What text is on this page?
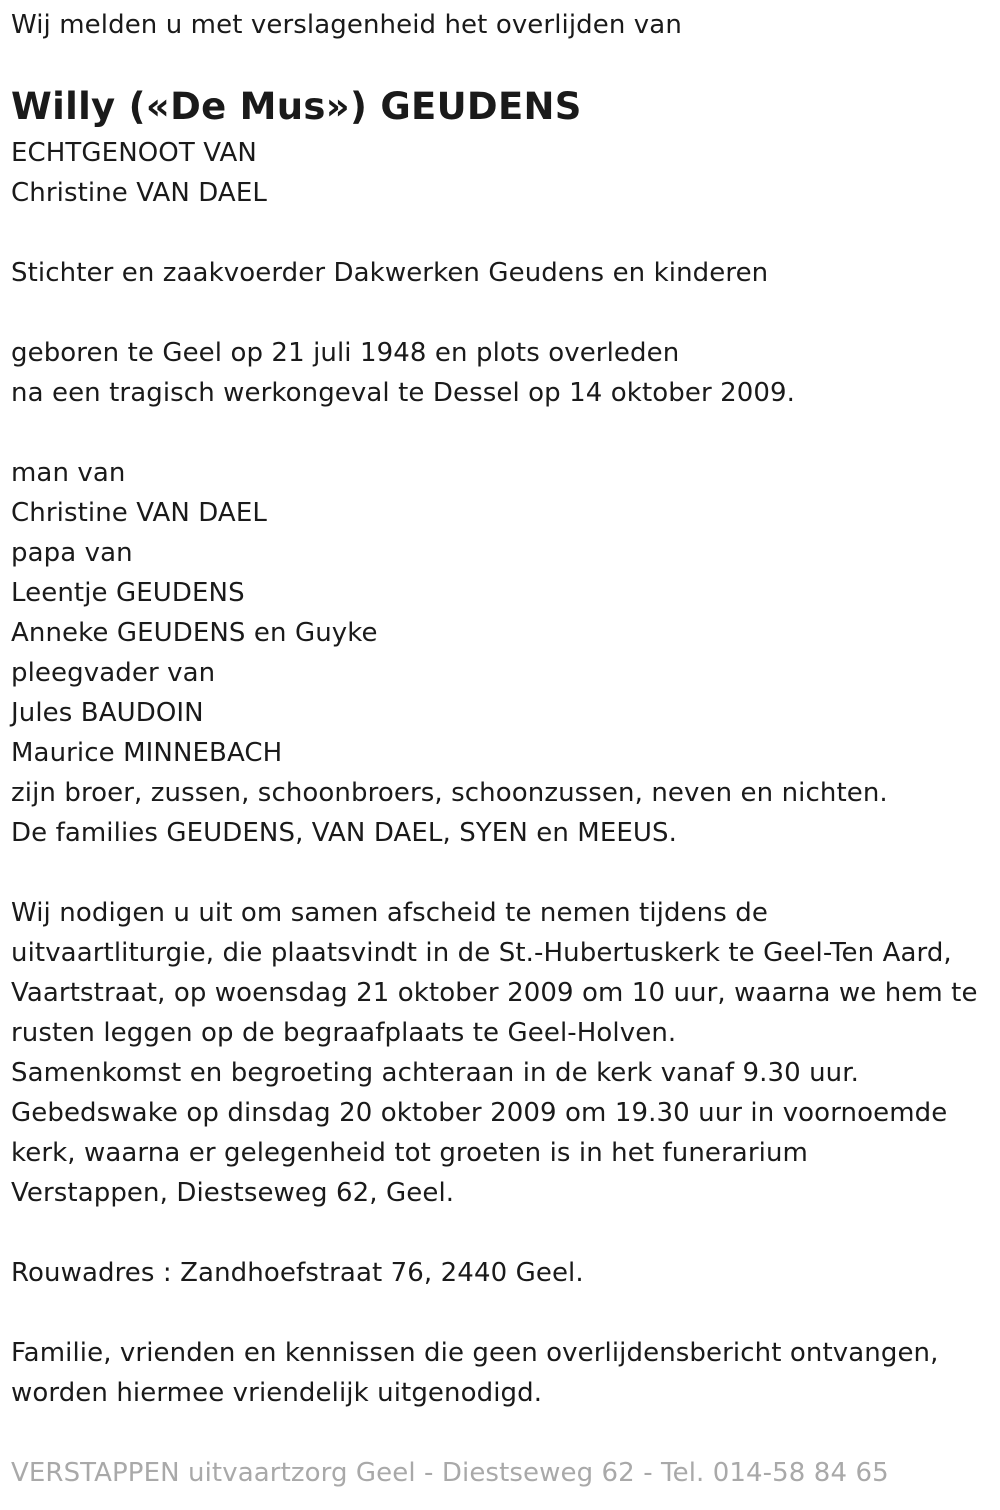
Wij melden u met verslagenheid het overlijden van
Willy («De Mus») GEUDENS
ECHTGENOOT VAN
Christine VAN DAEL
Stichter en zaakvoerder Dakwerken Geudens en kinderen
geboren te Geel op 21 juli 1948 en plots overleden
na een tragisch werkongeval te Dessel op 14 oktober 2009.
man van
Christine VAN DAEL
papa van
Leentje GEUDENS
Anneke GEUDENS en Guyke
pleegvader van
Jules BAUDOIN
Maurice MINNEBACH
zijn broer, zussen, schoonbroers, schoonzussen, neven en nichten.
De families GEUDENS, VAN DAEL, SYEN en MEEUS.
Wij nodigen u uit om samen afscheid te nemen tijdens de
uitvaartliturgie, die plaatsvindt in de St.-Hubertuskerk te Geel-Ten Aard,
Vaartstraat, op woensdag 21 oktober 2009 om 10 uur, waarna we hem te
rusten leggen op de begraafplaats te Geel-Holven.
Samenkomst en begroeting achteraan in de kerk vanaf 9.30 uur.
Gebedswake op dinsdag 20 oktober 2009 om 19.30 uur in voornoemde
kerk, waarna er gelegenheid tot groeten is in het funerarium
Verstappen, Diestseweg 62, Geel.
Rouwadres : Zandhoefstraat 76, 2440 Geel.
Familie, vrienden en kennissen die geen overlijdensbericht ontvangen,
worden hiermee vriendelijk uitgenodigd.
VERSTAPPEN uitvaartzorg Geel - Diestseweg 62 - Tel. 014-58 84 65
